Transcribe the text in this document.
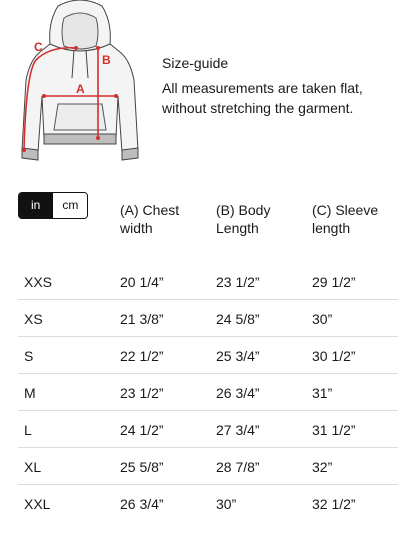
A
B
C

Size-guide

All measurements are taken flat,
without stretching the garment.

in	cm	(A) Chest
width

(B) Body
Length

(C) Sleeve
length

XXS	20 1/4”	23 1/2”	29 1/2”
XS	21 3/8”	24 5/8”	30”
S	22 1/2”	25 3/4”	30 1/2”
M	23 1/2”	26 3/4”	31”
L	24 1/2”	27 3/4”	31 1/2”
XL	25 5/8”	28 7/8”	32”
XXL	26 3/4”	30”	32 1/2”
